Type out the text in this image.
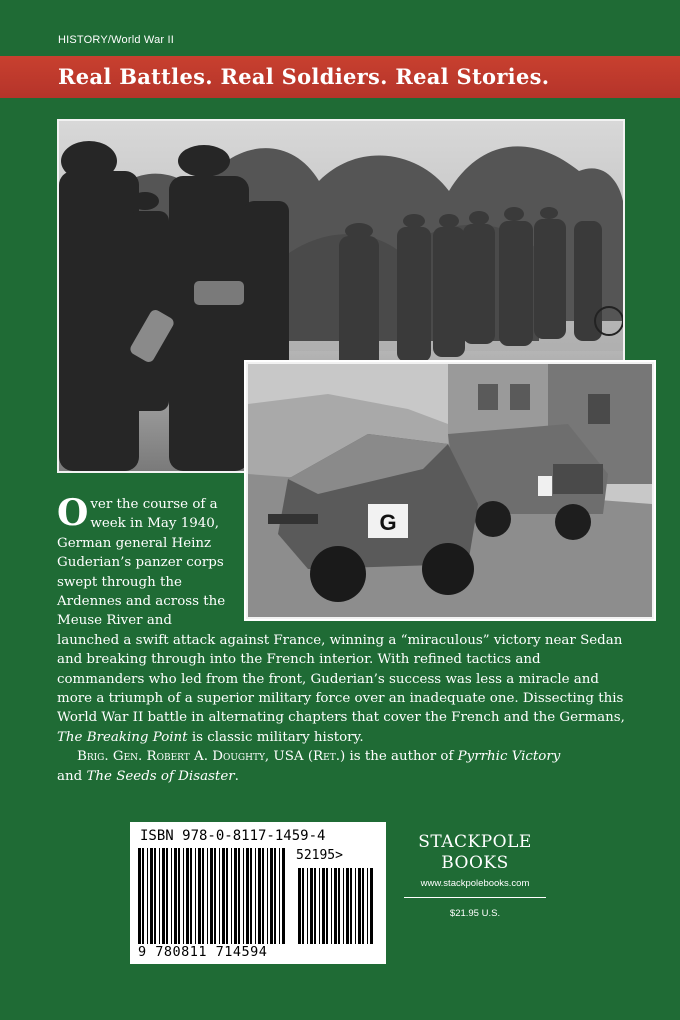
HISTORY/World War II
Real Battles. Real Soldiers. Real Stories.
G

Over the course of a week in May 1940, German general Heinz Guderian’s panzer corps swept through the Ardennes and across the Meuse River and

launched a swift attack against France, winning a “miraculous” victory near Sedan and breaking through into the French interior. With refined tactics and commanders who led from the front, Guderian’s success was less a miracle and more a triumph of a superior military force over an inadequate one. Dissecting this World War II battle in alternating chapters that cover the French and the Germans, The Breaking Point is classic military history.

Brig. Gen. Robert A. Doughty, USA (Ret.) is the author of Pyrrhic Victory
and The Seeds of Disaster.

ISBN 978-0-8117-1459-4
52195>
9 780811 714594
STACKPOLE
BOOKS
www.stackpolebooks.com
$21.95 U.S.
